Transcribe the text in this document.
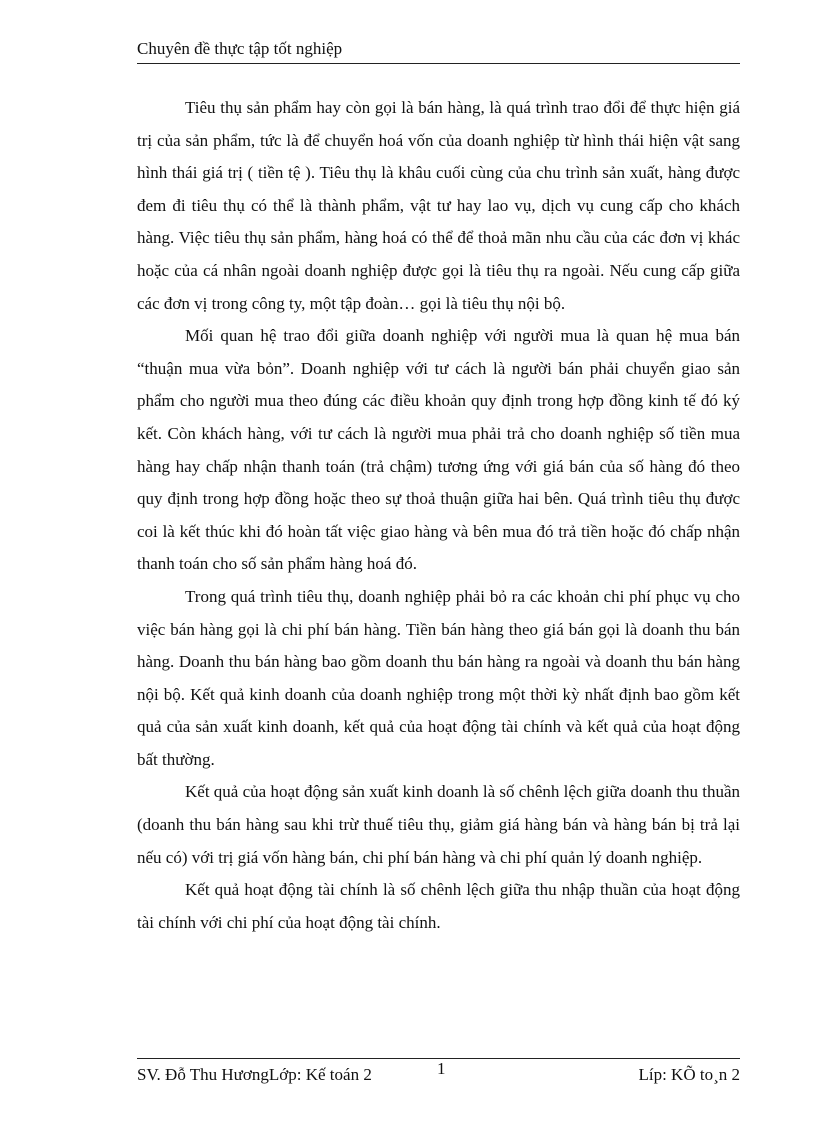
Chuyên đề thực tập tốt nghiệp

Tiêu thụ sản phẩm hay còn gọi là bán hàng, là quá trình trao đổi để thực hiện giá trị của sản phẩm, tức là để chuyển hoá vốn của doanh nghiệp từ hình thái hiện vật sang hình thái giá trị ( tiền tệ ). Tiêu thụ là khâu cuối cùng của chu trình sản xuất, hàng được đem đi tiêu thụ có thể là thành phẩm, vật tư hay lao vụ, dịch vụ cung cấp cho khách hàng. Việc tiêu thụ sản phẩm, hàng hoá có thể để thoả mãn nhu cầu của các đơn vị khác hoặc của cá nhân ngoài doanh nghiệp được gọi là tiêu thụ ra ngoài. Nếu cung cấp giữa các đơn vị trong công ty, một tập đoàn… gọi là tiêu thụ nội bộ.

Mối quan hệ trao đổi giữa doanh nghiệp với người mua là quan hệ mua bán “thuận mua vừa bỏn”. Doanh nghiệp với tư cách là người bán phải chuyển giao sản phẩm cho người mua theo đúng các điều khoản quy định trong hợp đồng kinh tế đó ký kết. Còn khách hàng, với tư cách là người mua phải trả cho doanh nghiệp số tiền mua hàng hay chấp nhận thanh toán (trả chậm) tương ứng với giá bán của số hàng đó theo quy định trong hợp đồng hoặc theo sự thoả thuận giữa hai bên. Quá trình tiêu thụ được coi là kết thúc khi đó hoàn tất việc giao hàng và bên mua đó trả tiền hoặc đó chấp nhận thanh toán cho số sản phẩm hàng hoá đó.

Trong quá trình tiêu thụ, doanh nghiệp phải bỏ ra các khoản chi phí phục vụ cho việc bán hàng gọi là chi phí bán hàng. Tiền bán hàng theo giá bán gọi là doanh thu bán hàng. Doanh thu bán hàng bao gồm doanh thu bán hàng ra ngoài và doanh thu bán hàng nội bộ. Kết quả kinh doanh của doanh nghiệp trong một thời kỳ nhất định bao gồm kết quả của sản xuất kinh doanh, kết quả của hoạt động tài chính và kết quả của hoạt động bất thường.

Kết quả của hoạt động sản xuất kinh doanh là số chênh lệch giữa doanh thu thuần (doanh thu bán hàng sau khi trừ thuế tiêu thụ, giảm giá hàng bán và hàng bán bị trả lại nếu có) với trị giá vốn hàng bán, chi phí bán hàng và chi phí quản lý doanh nghiệp.

Kết quả hoạt động tài chính là số chênh lệch giữa thu nhập thuần của hoạt động tài chính với chi phí của hoạt động tài chính.

SV. Đỗ Thu HươngLớp: Kế toán 2	1	Líp: KÕ to¸n 2
